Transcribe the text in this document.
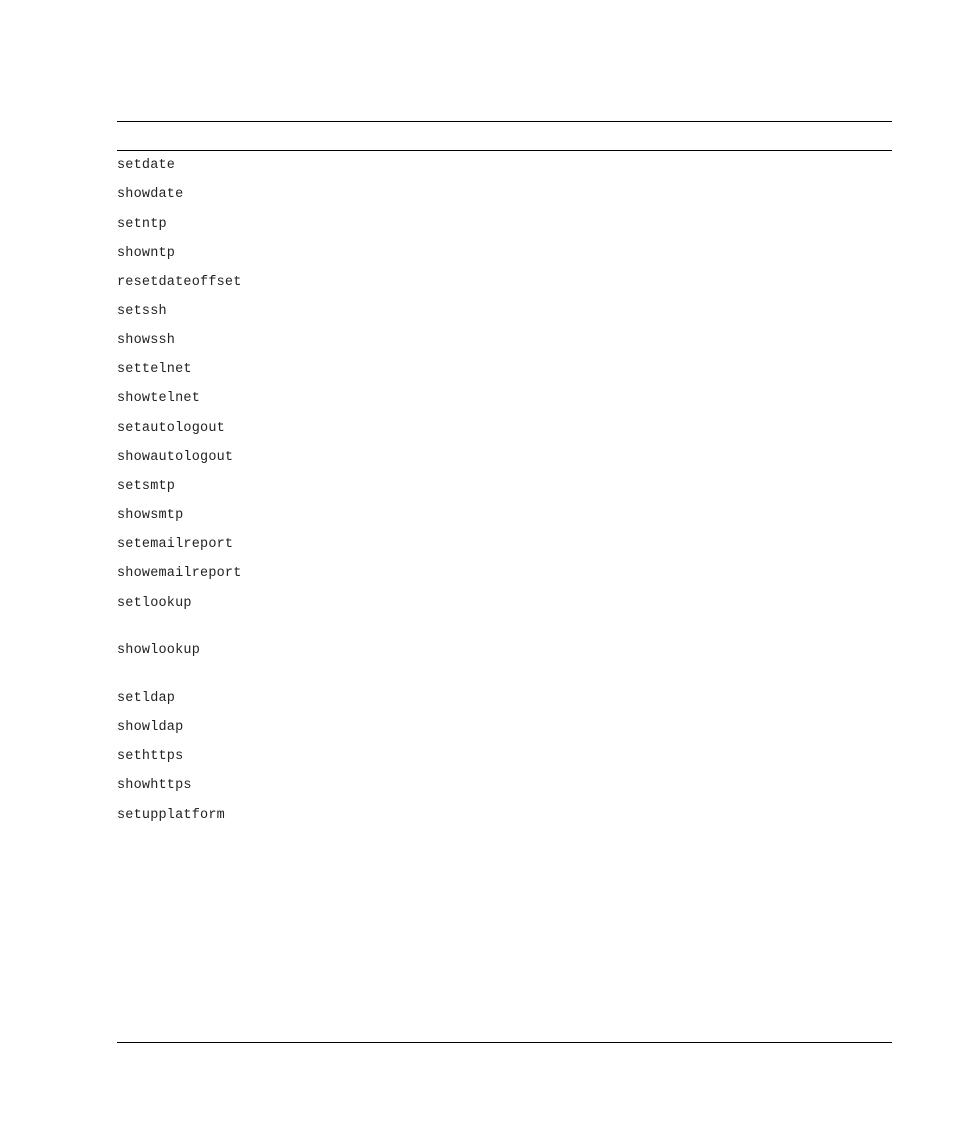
setdate
showdate
setntp
showntp
resetdateoffset
setssh
showssh
settelnet
showtelnet
setautologout
showautologout
setsmtp
showsmtp
setemailreport
showemailreport
setlookup
showlookup
setldap
showldap
sethttps
showhttps
setupplatform
